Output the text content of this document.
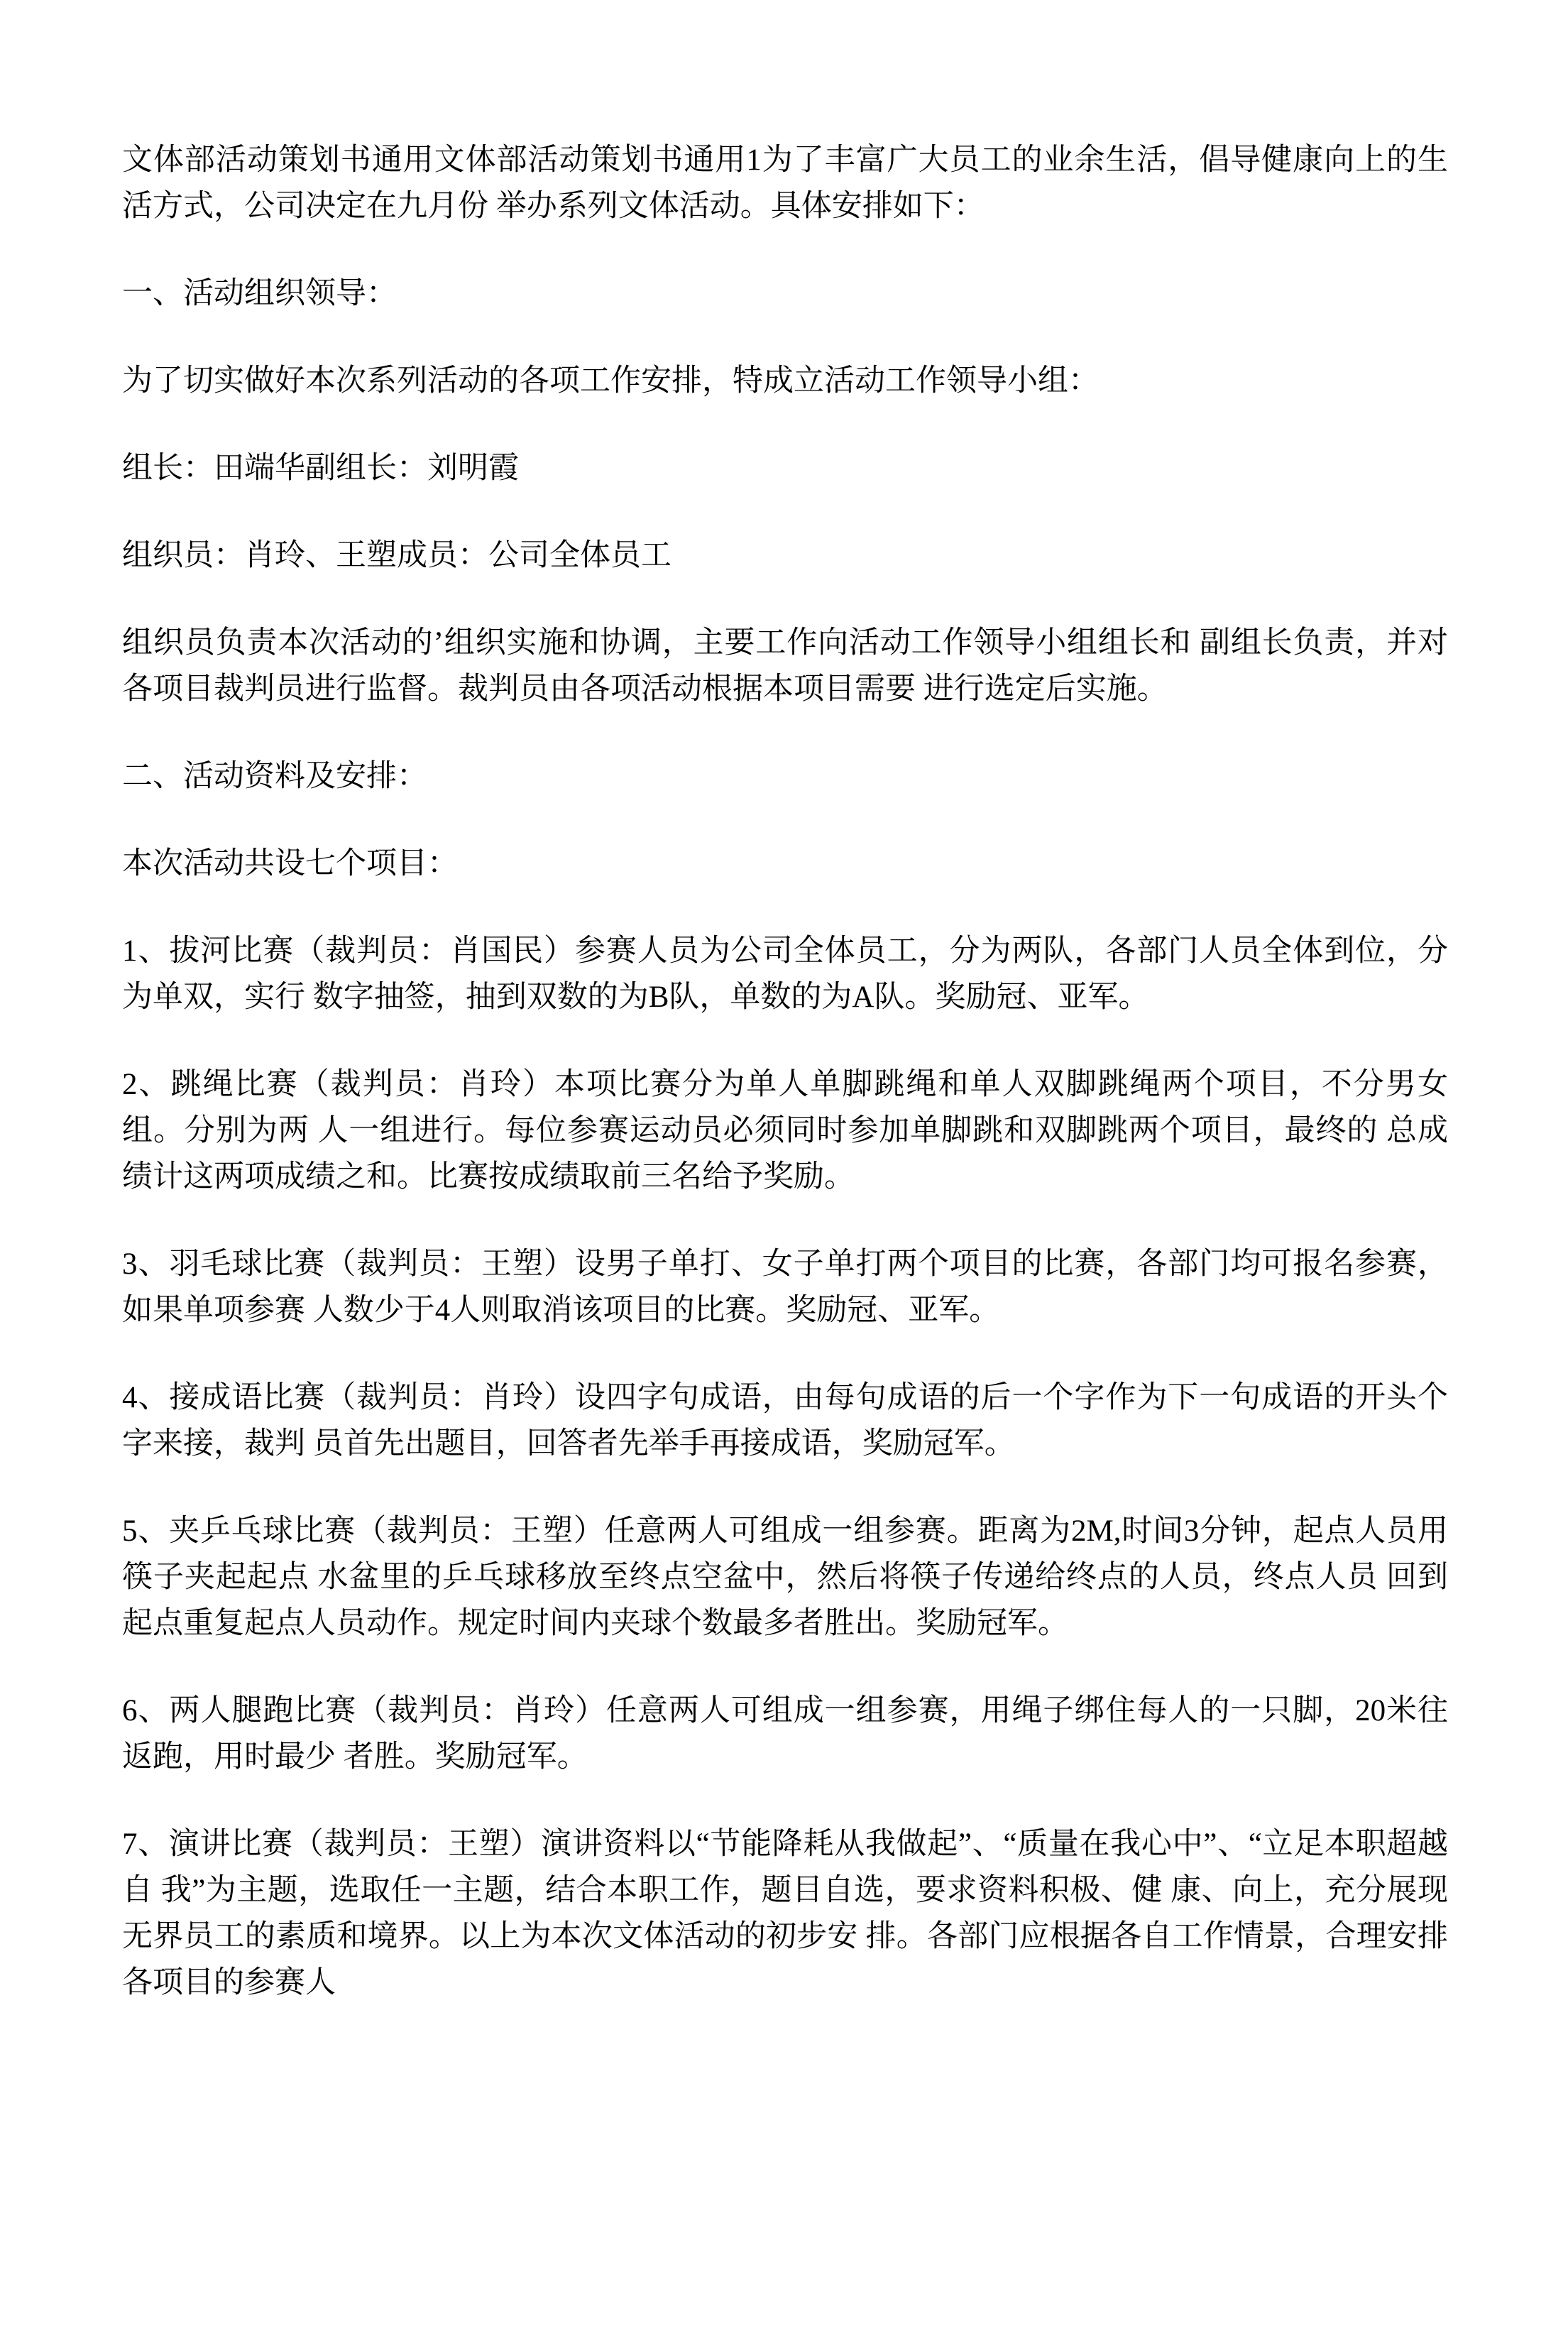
文体部活动策划书通用文体部活动策划书通用1为了丰富广大员工的业余生活，倡导健康向上的生活方式，公司决定在九月份 举办系列文体活动。具体安排如下：

一、活动组织领导：

为了切实做好本次系列活动的各项工作安排，特成立活动工作领导小组：

组长：田端华副组长：刘明霞

组织员：肖玲、王塑成员：公司全体员工

组织员负责本次活动的’组织实施和协调，主要工作向活动工作领导小组组长和 副组长负责，并对各项目裁判员进行监督。裁判员由各项活动根据本项目需要 进行选定后实施。

二、活动资料及安排：

本次活动共设七个项目：

1、拔河比赛（裁判员：肖国民）参赛人员为公司全体员工，分为两队，各部门人员全体到位，分为单双，实行 数字抽签，抽到双数的为B队，单数的为A队。奖励冠、亚军。

2、跳绳比赛（裁判员：肖玲）本项比赛分为单人单脚跳绳和单人双脚跳绳两个项目，不分男女组。分别为两 人一组进行。每位参赛运动员必须同时参加单脚跳和双脚跳两个项目，最终的 总成绩计这两项成绩之和。比赛按成绩取前三名给予奖励。

3、羽毛球比赛（裁判员：王塑）设男子单打、女子单打两个项目的比赛，各部门均可报名参赛，如果单项参赛 人数少于4人则取消该项目的比赛。奖励冠、亚军。

4、接成语比赛（裁判员：肖玲）设四字句成语，由每句成语的后一个字作为下一句成语的开头个字来接，裁判 员首先出题目，回答者先举手再接成语，奖励冠军。

5、夹乒乓球比赛（裁判员：王塑）任意两人可组成一组参赛。距离为2M,时间3分钟，起点人员用筷子夹起起点 水盆里的乒乓球移放至终点空盆中，然后将筷子传递给终点的人员，终点人员 回到起点重复起点人员动作。规定时间内夹球个数最多者胜出。奖励冠军。

6、两人腿跑比赛（裁判员：肖玲）任意两人可组成一组参赛，用绳子绑住每人的一只脚，20米往返跑，用时最少 者胜。奖励冠军。

7、演讲比赛（裁判员：王塑）演讲资料以“节能降耗从我做起”、“质量在我心中”、“立足本职超越自 我”为主题，选取任一主题，结合本职工作，题目自选，要求资料积极、健 康、向上，充分展现无界员工的素质和境界。以上为本次文体活动的初步安 排。各部门应根据各自工作情景，合理安排各项目的参赛人
